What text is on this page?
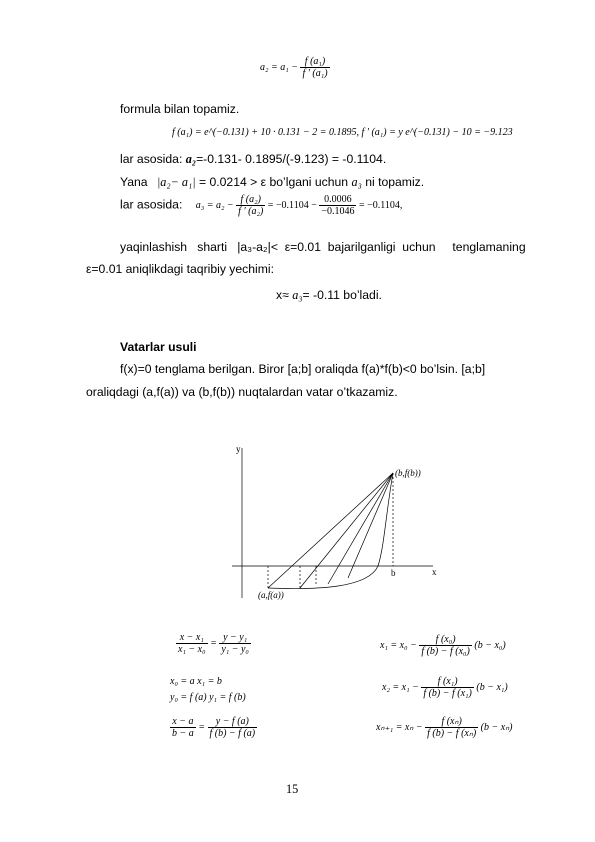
$a_2 = a_1 - \frac{\text{f (a₁)}}{\text{f ′ (a₁)}}$
formula bilan topamiz.
f (a₁) = e^(−0.131) + 10 · 0.131 − 2 = 0.1895, f ′ (a₁) = y e^(−0.131) − 10 = −9.123
lar asosida: a₂=-0.131- 0.1895/(-9.123) = -0.1104.
Yana |a₂− a₁| = 0.0214 > ε bo’lgani uchun a₃ ni topamiz.
lar asosida: $a_3 = a_2 - \frac{\text{f (a₂)}}{\text{f ′ (a₂)}} = -0.1104 - \frac{0.0006}{-0.1046} = -0.1104$,
yaqinlashish   sharti   |a₃-a₂|<  ε=0.01  bajarilganligi  uchun     tenglamaning
ε=0.01 aniqlikdagi taqribiy yechimi:
x≈ a₃= -0.11 bo’ladi.
Vatarlar usuli
f(x)=0 tenglama berilgan. Biror [a;b] oraliqda f(a)*f(b)<0 bo’lsin. [a;b]
oraliqdagi (a,f(a)) va (b,f(b)) nuqtalardan vatar o’tkazamiz.
y
x
b
(b,f(b))
(a,f(a))
$\frac{\text{x − x₁}}{\text{x₁ − x₀}} = \frac{\text{y − y₁}}{\text{y₁ − y₀}}$
x₀ = a x₁ = b
y₀ = f (a) y₁ = f (b)
$\frac{x - a}{b - a} = \frac{y - f (a)}{f (b) - f (a)}$
$x_1 = x_0 - \frac{\text{f (x₀)}}{\text{f (b) − f (x₀)}} (b - x_0)$
$x_2 = x_1 - \frac{\text{f (x₁)}}{\text{f (b) − f (x₁)}} (b - x_1)$
$x_{n+1} = x_n - \frac{\text{f (xₙ)}}{\text{f (b) − f (xₙ)}} (b - x_n)$
15
